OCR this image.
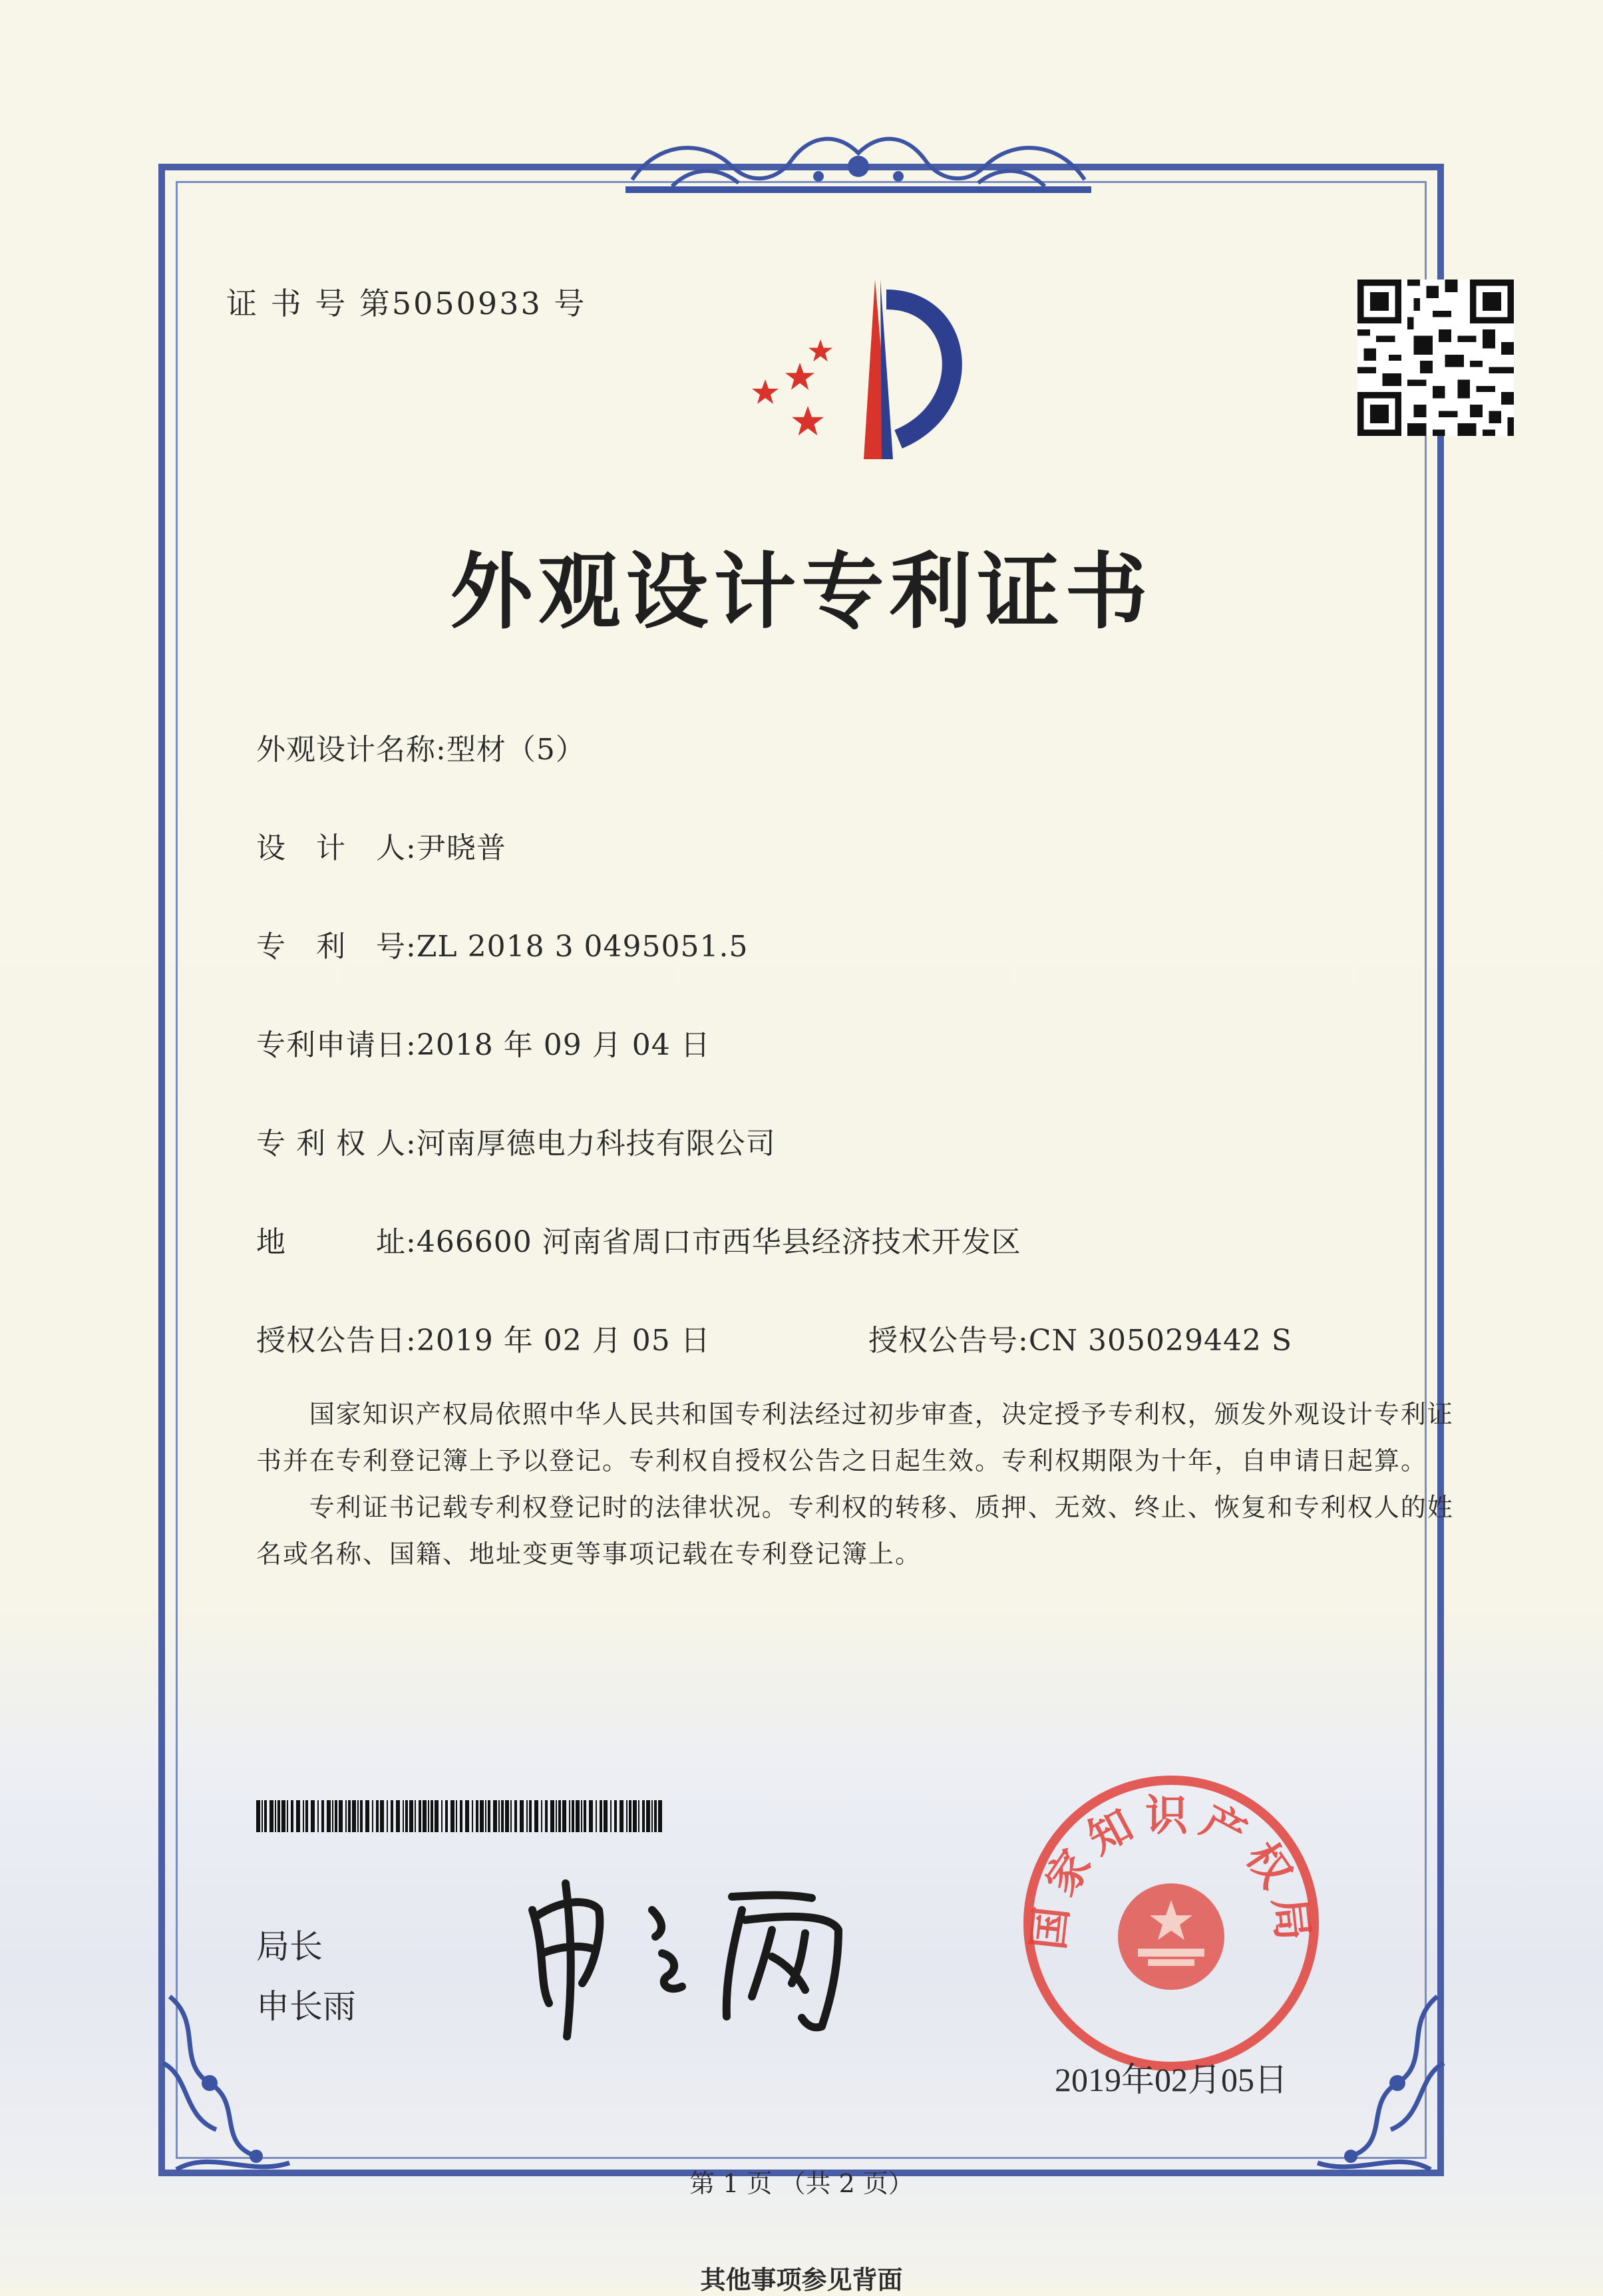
证 书 号 第5050933 号
外观设计专利证书
外观设计名称:型材（5）
设　计　人:尹晓普
专　利　号:ZL 2018 3 0495051.5
专利申请日:2018 年 09 月 04 日
专 利 权 人:河南厚德电力科技有限公司
地　　　址:466600 河南省周口市西华县经济技术开发区
授权公告日:2019 年 02 月 05 日	授权公告号:CN 305029442 S

国家知识产权局依照中华人民共和国专利法经过初步审查，决定授予专利权，颁发外观设计专利证书并在专利登记簿上予以登记。专利权自授权公告之日起生效。专利权期限为十年，自申请日起算。

专利证书记载专利权登记时的法律状况。专利权的转移、质押、无效、终止、恢复和专利权人的姓名或名称、国籍、地址变更等事项记载在专利登记簿上。

局长
申长雨
国家知识产权局
2019年02月05日
第 1 页 （共 2 页）
其他事项参见背面
